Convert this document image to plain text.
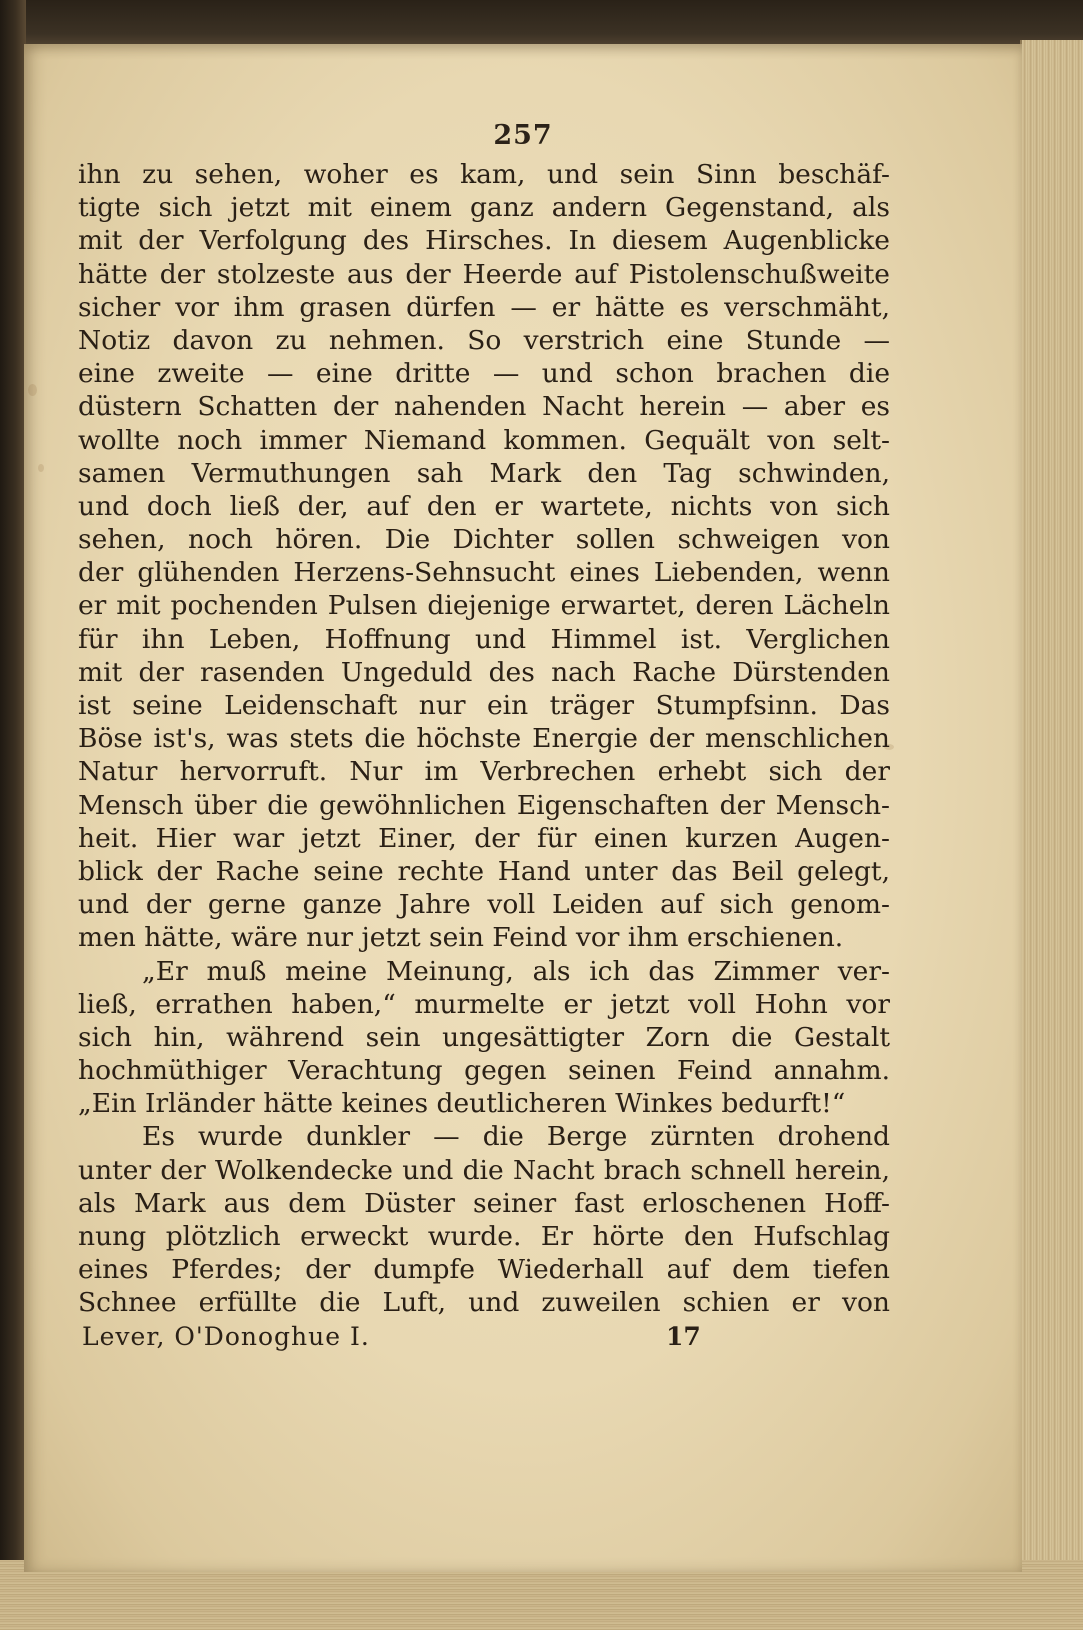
257
ihn zu sehen, woher es kam, und sein Sinn beschäf-
tigte sich jetzt mit einem ganz andern Gegenstand, als
mit der Verfolgung des Hirsches. In diesem Augenblicke
hätte der stolzeste aus der Heerde auf Pistolenschußweite
sicher vor ihm grasen dürfen — er hätte es verschmäht,
Notiz davon zu nehmen. So verstrich eine Stunde —
eine zweite — eine dritte — und schon brachen die
düstern Schatten der nahenden Nacht herein — aber es
wollte noch immer Niemand kommen. Gequält von selt-
samen Vermuthungen sah Mark den Tag schwinden,
und doch ließ der, auf den er wartete, nichts von sich
sehen, noch hören. Die Dichter sollen schweigen von
der glühenden Herzens-Sehnsucht eines Liebenden, wenn
er mit pochenden Pulsen diejenige erwartet, deren Lächeln
für ihn Leben, Hoffnung und Himmel ist. Verglichen
mit der rasenden Ungeduld des nach Rache Dürstenden
ist seine Leidenschaft nur ein träger Stumpfsinn. Das
Böse ist's, was stets die höchste Energie der menschlichen
Natur hervorruft. Nur im Verbrechen erhebt sich der
Mensch über die gewöhnlichen Eigenschaften der Mensch-
heit. Hier war jetzt Einer, der für einen kurzen Augen-
blick der Rache seine rechte Hand unter das Beil gelegt,
und der gerne ganze Jahre voll Leiden auf sich genom-
men hätte, wäre nur jetzt sein Feind vor ihm erschienen.
„Er muß meine Meinung, als ich das Zimmer ver-
ließ, errathen haben,“ murmelte er jetzt voll Hohn vor
sich hin, während sein ungesättigter Zorn die Gestalt
hochmüthiger Verachtung gegen seinen Feind annahm.
„Ein Irländer hätte keines deutlicheren Winkes bedurft!“
Es wurde dunkler — die Berge zürnten drohend
unter der Wolkendecke und die Nacht brach schnell herein,
als Mark aus dem Düster seiner fast erloschenen Hoff-
nung plötzlich erweckt wurde. Er hörte den Hufschlag
eines Pferdes; der dumpfe Wiederhall auf dem tiefen
Schnee erfüllte die Luft, und zuweilen schien er von
Lever, O'Donoghue I.	17
